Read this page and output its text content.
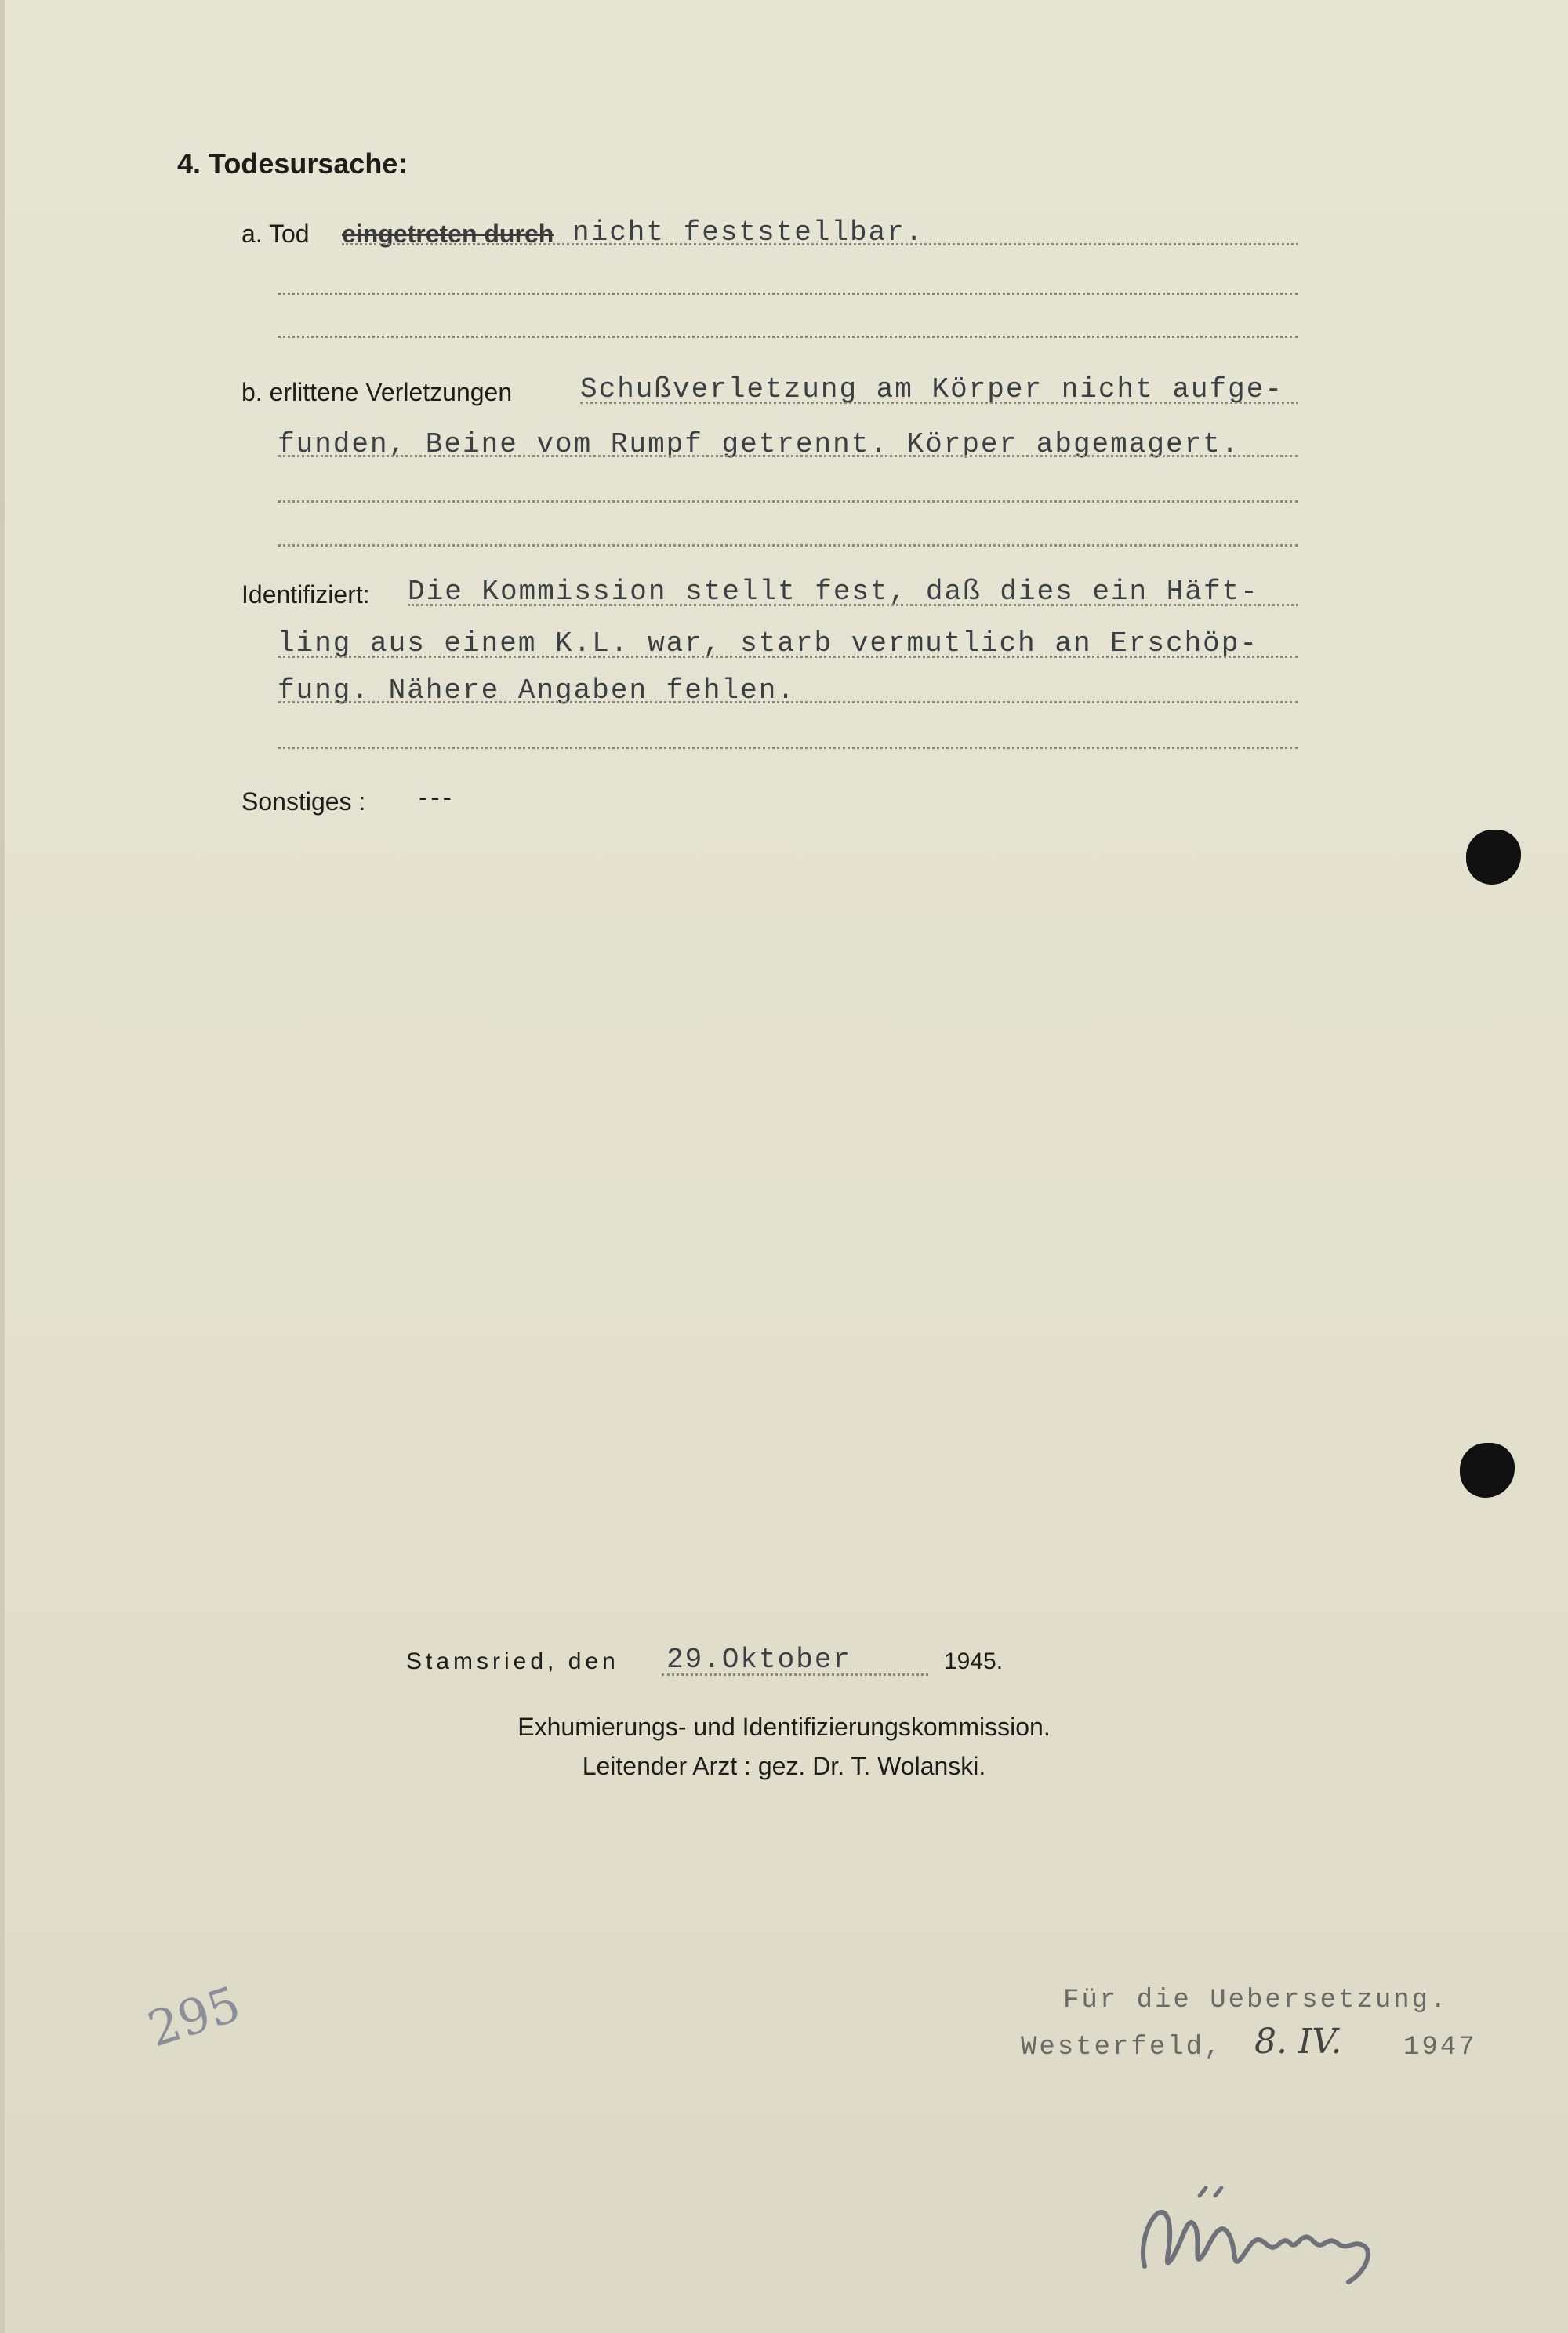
4. Todesursache:
a. Tod eingetreten durch nicht feststellbar.
b. erlittene Verletzungen Schußverletzung am Körper nicht aufge-
funden, Beine vom Rumpf getrennt. Körper abgemagert.
Identifiziert: Die Kommission stellt fest, daß dies ein Häft-
ling aus einem K.L. war, starb vermutlich an Erschöp-
fung. Nähere Angaben fehlen.
Sonstiges : ---
Stamsried, den 29.Oktober	1945.
Exhumierungs- und Identifizierungskommission.
Leitender Arzt : gez. Dr. T. Wolanski.
295	Für die Uebersetzung.
Westerfeld, 8. IV. 1947
